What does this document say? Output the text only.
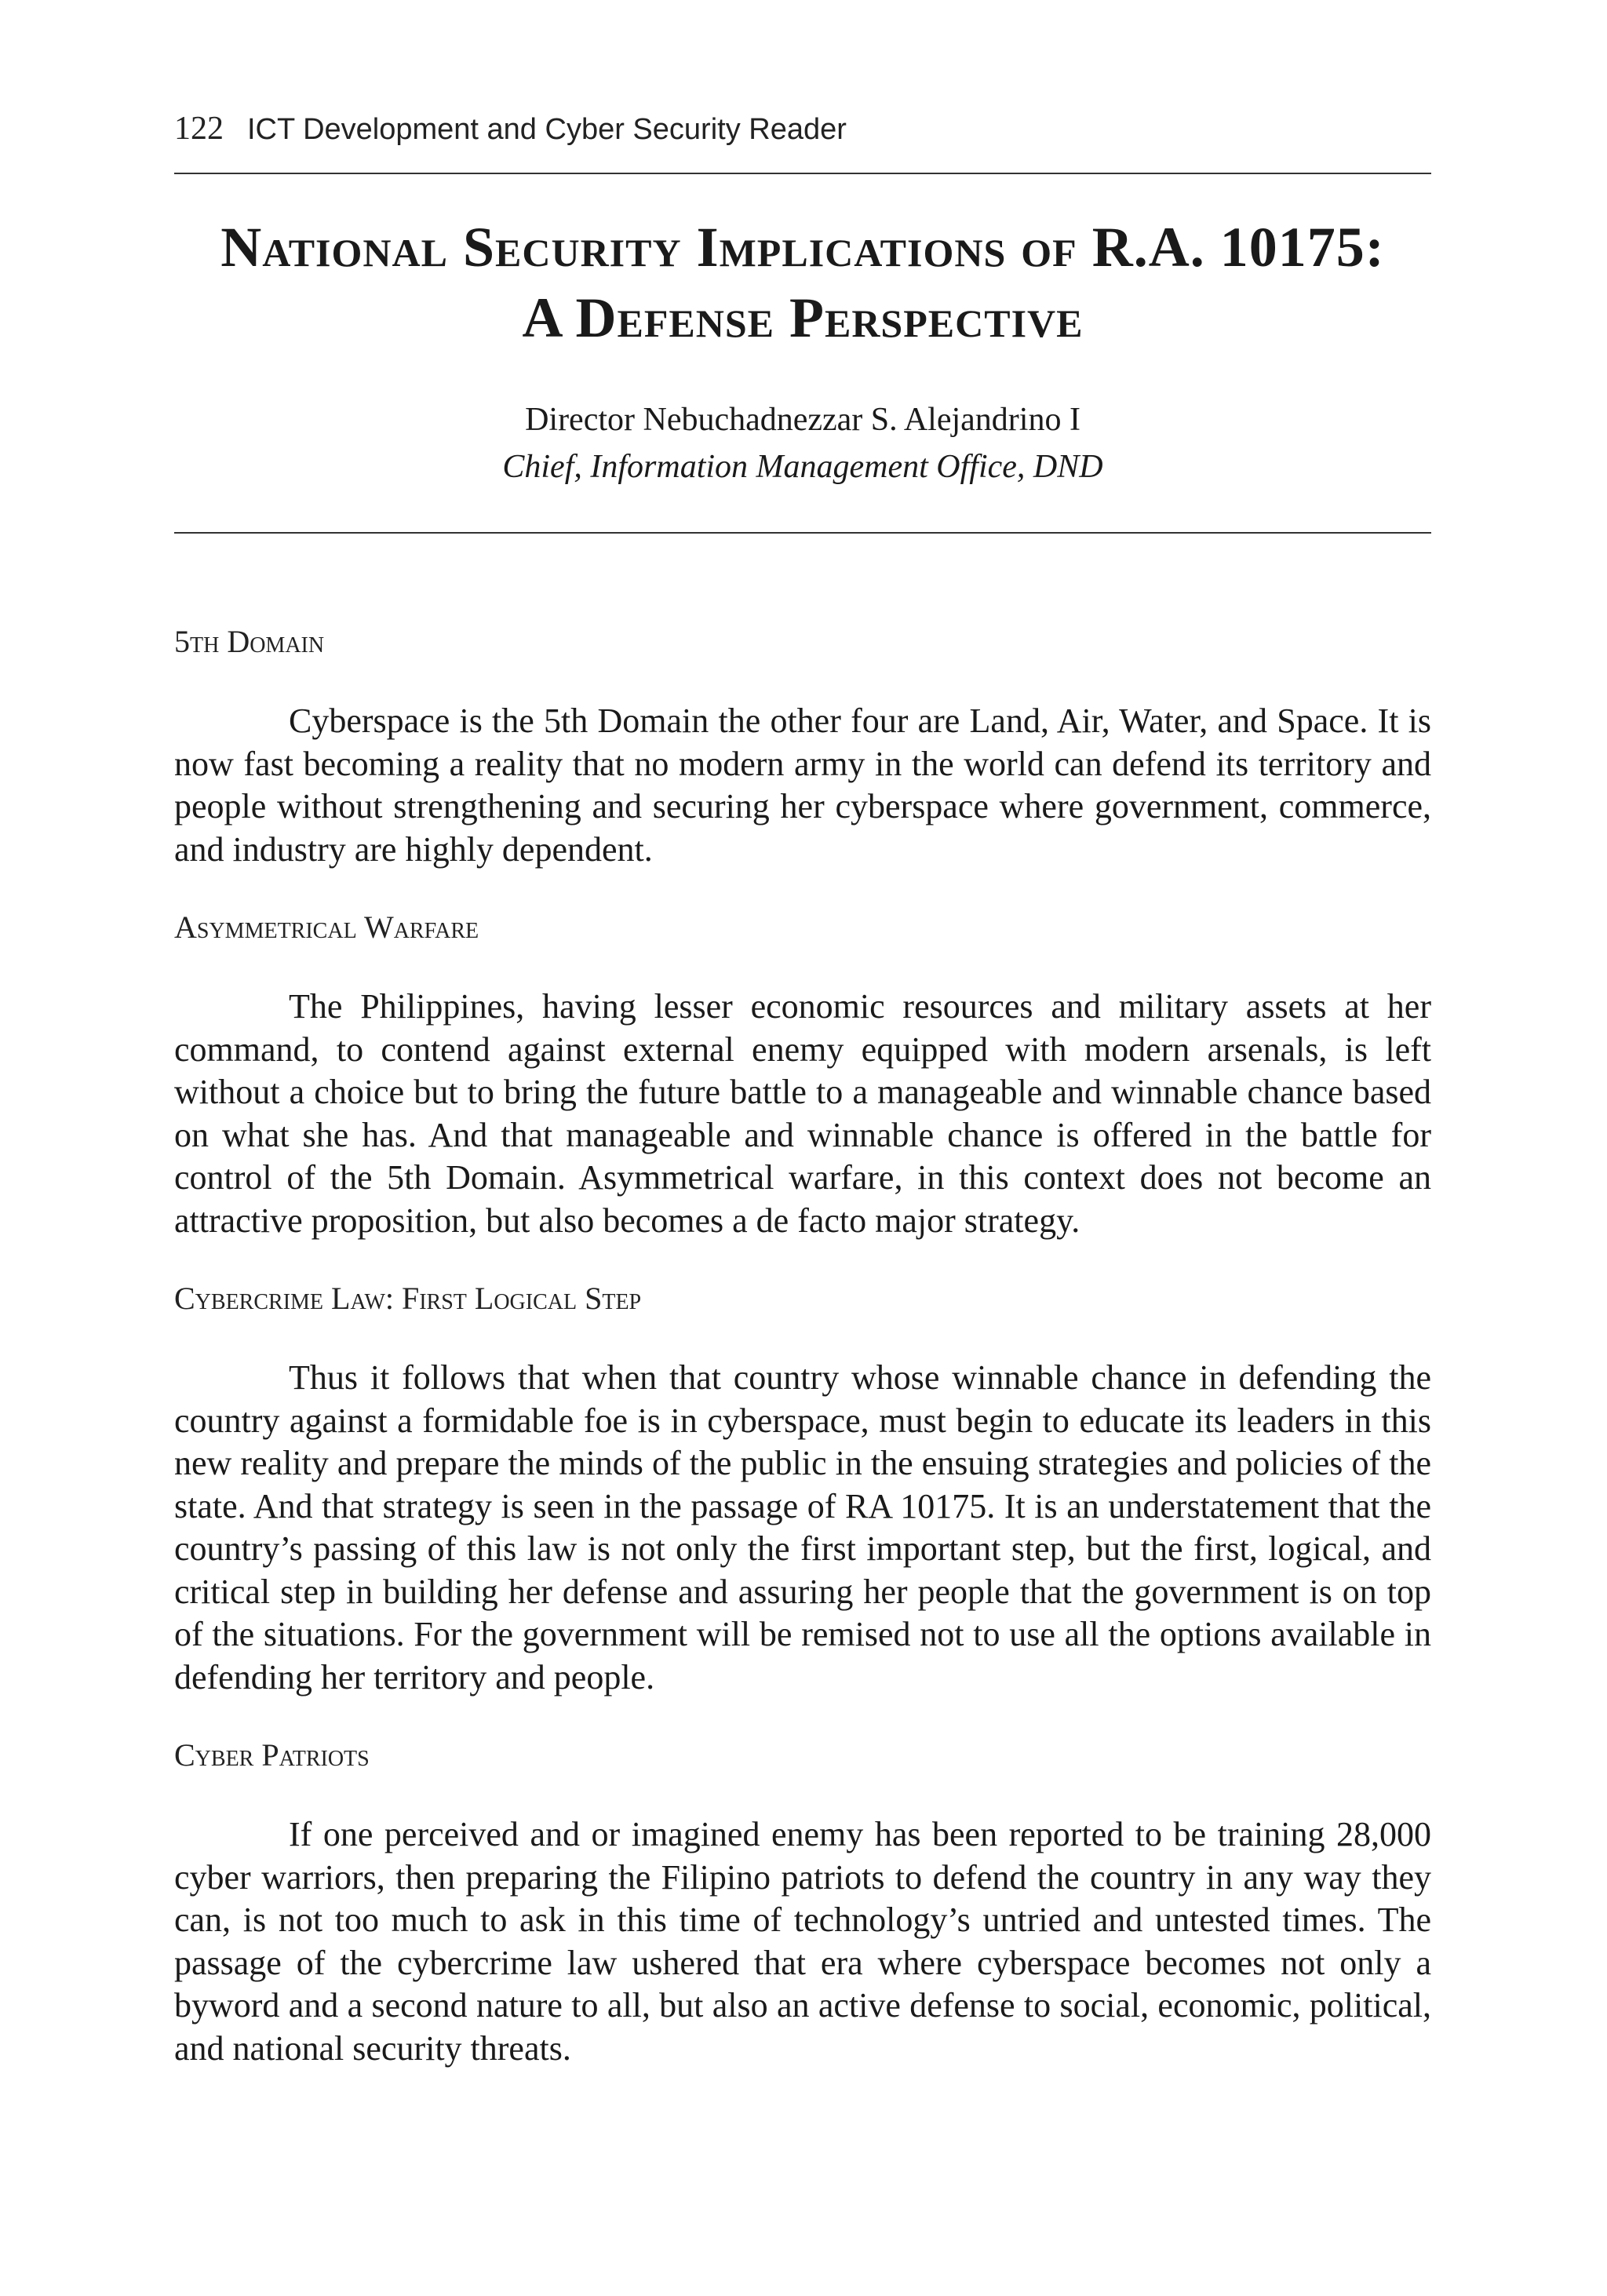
122 ICT Development and Cyber Security Reader
National Security Implications of R.A. 10175:
A Defense Perspective
Director Nebuchadnezzar S. Alejandrino I
Chief, Information Management Office, DND
5th Domain

Cyberspace is the 5th Domain the other four are Land, Air, Water, and Space. It is now fast becoming a reality that no modern army in the world can defend its territory and people without strengthening and securing her cyberspace where government, commerce, and industry are highly dependent.

Asymmetrical Warfare

The Philippines, having lesser economic resources and military assets at her command, to contend against external enemy equipped with modern arsenals, is left without a choice but to bring the future battle to a manageable and winnable chance based on what she has. And that manageable and winnable chance is offered in the battle for control of the 5th Domain. Asymmetrical warfare, in this context does not become an attractive proposition, but also becomes a de facto major strategy.

Cybercrime Law: First Logical Step

Thus it follows that when that country whose winnable chance in defending the country against a formidable foe is in cyberspace, must begin to educate its leaders in this new reality and prepare the minds of the public in the ensuing strategies and policies of the state. And that strategy is seen in the passage of RA 10175. It is an understatement that the country’s passing of this law is not only the first important step, but the first, logical, and critical step in building her defense and assuring her people that the government is on top of the situations. For the government will be remised not to use all the options available in defending her territory and people.

Cyber Patriots

If one perceived and or imagined enemy has been reported to be training 28,000 cyber warriors, then preparing the Filipino patriots to defend the country in any way they can, is not too much to ask in this time of technology’s untried and untested times. The passage of the cybercrime law ushered that era where cyberspace becomes not only a byword and a second nature to all, but also an active defense to social, economic, political, and national security threats.
